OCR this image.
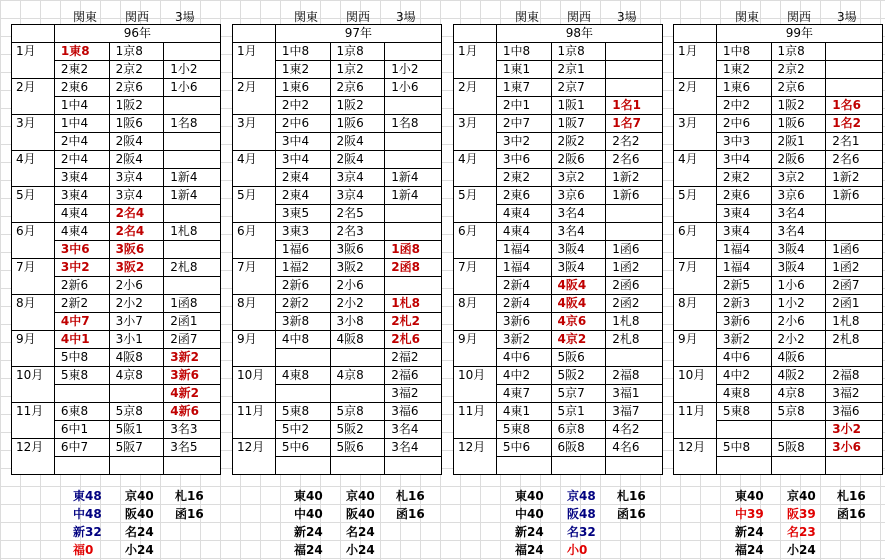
関東 関西 3場
	96年		
1月	1東8	1京8	
	2東2	2京2	1小2
2月	2東6	2京6	1小6
	1中4	1阪2	
3月	1中4	1阪6	1名8
	2中4	2阪4	
4月	2中4	2阪4	
	3東4	3京4	1新4
5月	3東4	3京4	1新4
	4東4	2名4	
6月	4東4	2名4	1札8
	3中6	3阪6	
7月	3中2	3阪2	2札8
	2新6	2小6	
8月	2新2	2小2	1函8
	4中7	3小7	2函1
9月	4中1	3小1	2函7
	5中8	4阪8	3新2
10月	5東8	4京8	3新6
			4新2
11月	6東8	5京8	4新6
	6中1	5阪1	3名3
12月	6中7	5阪7	3名5

東48 京40 札16
中48 阪40 函16
新32 名24
福0	小24
関東 関西 3場
	97年		
1月	1中8	1京8	
	1東2	1京2	1小2
2月	1東6	2京6	1小6
	2中2	1阪2	
3月	2中6	1阪6	1名8
	3中4	2阪4	
4月	3中4	2阪4	
	2東4	3京4	1新4
5月	2東4	3京4	1新4
	3東5	2名5	
6月	3東3	2名3	
	1福6	3阪6	1函8
7月	1福2	3阪2	2函8
	2新6	2小6	
8月	2新2	2小2	1札8
	3新8	3小8	2札2
9月	4中8	4阪8	2札6
			2福2
10月	4東8	4京8	2福6
			3福2
11月	5東8	5京8	3福6
	5中2	5阪2	3名4
12月	5中6	5阪6	3名4

東40 京40 札16
中40 阪40 函16
新24 名24
福24 小24
関東 関西 3場
	98年		
1月	1中8	1京8	
	1東1	2京1	
2月	1東7	2京7	
	2中1	1阪1	1名1
3月	2中7	1阪7	1名7
	3中2	2阪2	2名2
4月	3中6	2阪6	2名6
	2東2	3京2	1新2
5月	2東6	3京6	1新6
	4東4	3名4	
6月	4東4	3名4	
	1福4	3阪4	1函6
7月	1福4	3阪4	1函2
	2新4	4阪4	2函6
8月	2新4	4阪4	2函2
	3新6	4京6	1札8
9月	3新2	4京2	2札8
	4中6	5阪6	
10月	4中2	5阪2	2福8
	4東7	5京7	3福1
11月	4東1	5京1	3福7
	5東8	6京8	4名2
12月	5中6	6阪8	4名6

東40 京48 札16
中40 阪48 函16
新24 名32
福24 小0
関東 関西 3場
	99年		
1月	1中8	1京8	
	1東2	2京2	
2月	1東6	2京6	
	2中2	1阪2	1名6
3月	2中6	1阪6	1名2
	3中3	2阪1	2名1
4月	3中4	2阪6	2名6
	2東2	3京2	1新2
5月	2東6	3京6	1新6
	3東4	3名4	
6月	3東4	3名4	
	1福4	3阪4	1函6
7月	1福4	3阪4	1函2
	2新5	1小6	2函7
8月	2新3	1小2	2函1
	3新6	2小6	1札8
9月	3新2	2小2	2札8
	4中6	4阪6	
10月	4中2	4阪2	2福8
	4東8	4京8	3福2
11月	5東8	5京8	3福6
			3小2
12月	5中8	5阪8	3小6

東40 京40 札16
中39 阪39 函16
新24 名23
福24 小24
